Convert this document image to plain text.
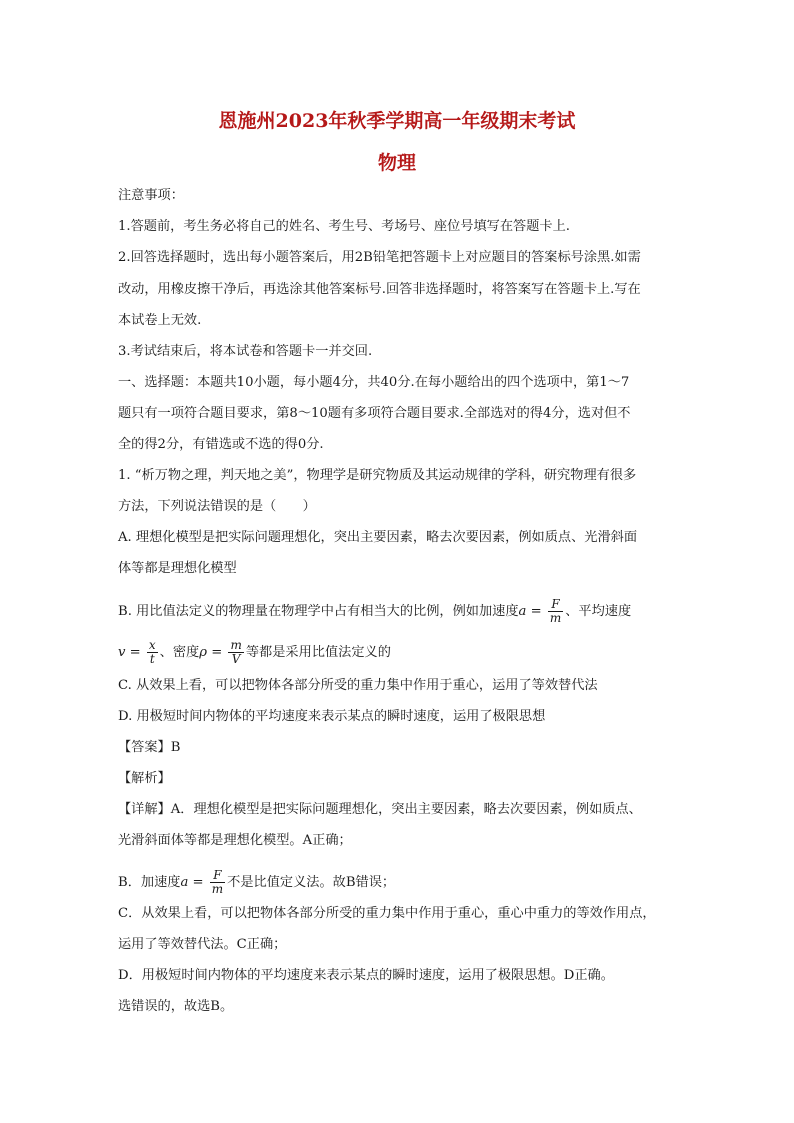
恩施州2023年秋季学期高一年级期末考试
物理
注意事项：
1.答题前，考生务必将自己的姓名、考生号、考场号、座位号填写在答题卡上.
2.回答选择题时，选出每小题答案后，用2B铅笔把答题卡上对应题目的答案标号涂黑.如需
改动，用橡皮擦干净后，再选涂其他答案标号.回答非选择题时，将答案写在答题卡上.写在
本试卷上无效.
3.考试结束后，将本试卷和答题卡一并交回.
一、选择题：本题共10小题，每小题4分，共40分.在每小题给出的四个选项中，第1～7
题只有一项符合题目要求，第8～10题有多项符合题目要求.全部选对的得4分，选对但不
全的得2分，有错选或不选的得0分.
1. “析万物之理，判天地之美”，物理学是研究物质及其运动规律的学科，研究物理有很多
方法，下列说法错误的是（　　）
A. 理想化模型是把实际问题理想化，突出主要因素，略去次要因素，例如质点、光滑斜面
体等都是理想化模型
B. 用比值法定义的物理量在物理学中占有相当大的比例，例如加速度$a = \frac{F}{m}$ 、平均速度
$v = \frac{x}{t}$ 、密度$\rho = \frac{m}{V}$ 等都是采用比值法定义的
C. 从效果上看，可以把物体各部分所受的重力集中作用于重心，运用了等效替代法
D. 用极短时间内物体的平均速度来表示某点的瞬时速度，运用了极限思想
【答案】B
【解析】
【详解】A．理想化模型是把实际问题理想化，突出主要因素，略去次要因素，例如质点、
光滑斜面体等都是理想化模型。A正确；
B．加速度$a = \frac{F}{m}$ 不是比值定义法。故B错误；
C．从效果上看，可以把物体各部分所受的重力集中作用于重心，重心中重力的等效作用点，
运用了等效替代法。C正确；
D．用极短时间内物体的平均速度来表示某点的瞬时速度，运用了极限思想。D正确。
选错误的，故选B。
